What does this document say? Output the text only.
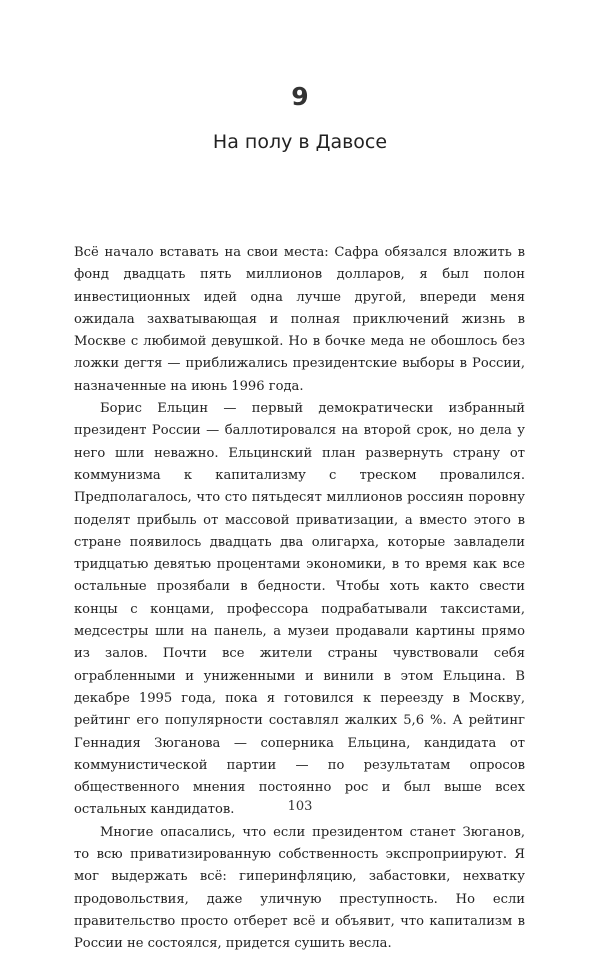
9
На полу в Давосе

Всё начало вставать на свои места: Сафра обязался вложить в фонд двадцать пять миллионов долларов, я был полон инвестиционных идей одна лучше другой, впереди меня ожидала захватывающая и полная приключений жизнь в Москве с любимой девушкой. Но в бочке меда не обошлось без ложки дегтя — приближались президентские выборы в России, назначенные на июнь 1996 года.

Борис Ельцин — первый демократически избранный президент России — баллотировался на второй срок, но дела у него шли неважно. Ельцинский план развернуть страну от коммунизма к капитализму с треском провалился. Предполагалось, что сто пятьдесят миллионов россиян поровну поделят прибыль от массовой приватизации, а вместо этого в стране появилось двадцать два олигарха, которые завладели тридцатью девятью процентами экономики, в то время как все остальные прозябали в бедности. Чтобы хоть както свести концы с концами, профессора подрабатывали таксистами, медсестры шли на панель, а музеи продавали картины прямо из залов. Почти все жители страны чувствовали себя ограбленными и униженными и винили в этом Ельцина. В декабре 1995 года, пока я готовился к переезду в Москву, рейтинг его популярности составлял жалких 5,6 %. А рейтинг Геннадия Зюганова — соперника Ельцина, кандидата от коммунистической партии — по результатам опросов общественного мнения постоянно рос и был выше всех остальных кандидатов.

Многие опасались, что если президентом станет Зюганов, то всю приватизированную собственность экспроприируют. Я мог выдержать всё: гиперинфляцию, забастовки, нехватку продовольствия, даже уличную преступность. Но если правительство просто отберет всё и объявит, что капитализм в России не состоялся, придется сушить весла.

103
